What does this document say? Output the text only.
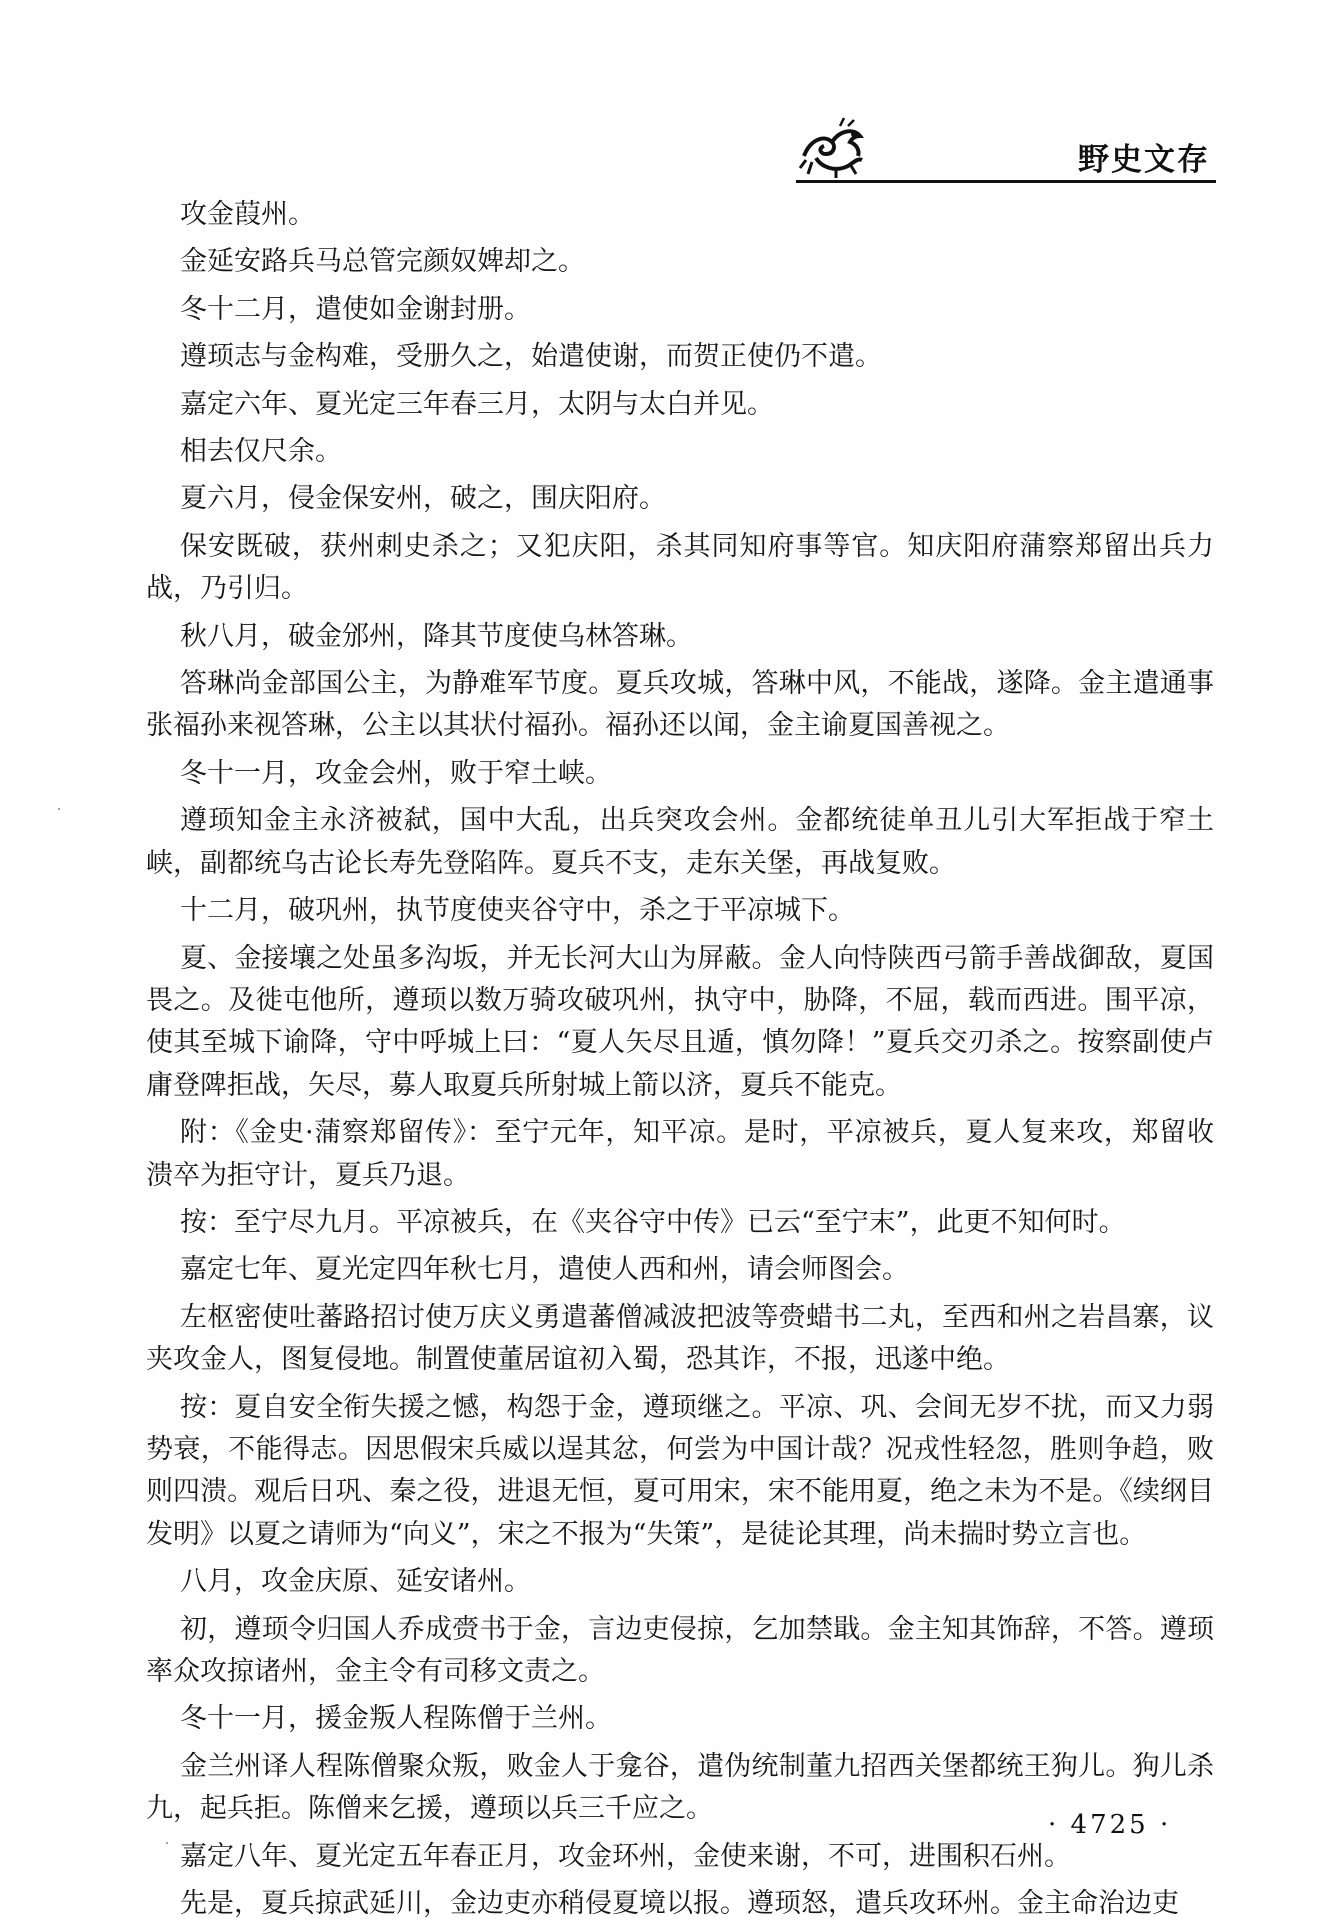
野史文存

攻金葭州。

金延安路兵马总管完颜奴婢却之。

冬十二月，遣使如金谢封册。

遵顼志与金构难，受册久之，始遣使谢，而贺正使仍不遣。

嘉定六年、夏光定三年春三月，太阴与太白并见。

相去仅尺余。

夏六月，侵金保安州，破之，围庆阳府。

保安既破，获州刺史杀之；又犯庆阳，杀其同知府事等官。知庆阳府蒲察郑留出兵力战，乃引归。

秋八月，破金邠州，降其节度使乌林答琳。

答琳尚金部国公主，为静难军节度。夏兵攻城，答琳中风，不能战，遂降。金主遣通事张福孙来视答琳，公主以其状付福孙。福孙还以闻，金主谕夏国善视之。

冬十一月，攻金会州，败于窄土峡。

遵顼知金主永济被弑，国中大乱，出兵突攻会州。金都统徒单丑儿引大军拒战于窄土峡，副都统乌古论长寿先登陷阵。夏兵不支，走东关堡，再战复败。

十二月，破巩州，执节度使夹谷守中，杀之于平凉城下。

夏、金接壤之处虽多沟坂，并无长河大山为屏蔽。金人向恃陕西弓箭手善战御敌，夏国畏之。及徙屯他所，遵顼以数万骑攻破巩州，执守中，胁降，不屈，载而西进。围平凉，使其至城下谕降，守中呼城上曰：“夏人矢尽且遁，慎勿降！”夏兵交刃杀之。按察副使卢庸登陴拒战，矢尽，募人取夏兵所射城上箭以济，夏兵不能克。

附：《金史·蒲察郑留传》：至宁元年，知平凉。是时，平凉被兵，夏人复来攻，郑留收溃卒为拒守计，夏兵乃退。

按：至宁尽九月。平凉被兵，在《夹谷守中传》已云“至宁末”，此更不知何时。

嘉定七年、夏光定四年秋七月，遣使人西和州，请会师图会。

左枢密使吐蕃路招讨使万庆义勇遣蕃僧减波把波等赍蜡书二丸，至西和州之岩昌寨，议夹攻金人，图复侵地。制置使董居谊初入蜀，恐其诈，不报，迅遂中绝。

按：夏自安全衔失援之憾，构怨于金，遵顼继之。平凉、巩、会间无岁不扰，而又力弱势衰，不能得志。因思假宋兵威以逞其忿，何尝为中国计哉？况戎性轻忽，胜则争趋，败则四溃。观后日巩、秦之役，进退无恒，夏可用宋，宋不能用夏，绝之未为不是。《续纲目发明》以夏之请师为“向义”，宋之不报为“失策”，是徒论其理，尚未揣时势立言也。

八月，攻金庆原、延安诸州。

初，遵顼令归国人乔成赍书于金，言边吏侵掠，乞加禁戢。金主知其饰辞，不答。遵顼率众攻掠诸州，金主令有司移文责之。

冬十一月，援金叛人程陈僧于兰州。

金兰州译人程陈僧聚众叛，败金人于龛谷，遣伪统制董九招西关堡都统王狗儿。狗儿杀九，起兵拒。陈僧来乞援，遵顼以兵三千应之。

嘉定八年、夏光定五年春正月，攻金环州，金使来谢，不可，进围积石州。

先是，夏兵掠武延川，金边吏亦稍侵夏境以报。遵顼怒，遣兵攻环州。金主命治边吏

· 4725 ·
